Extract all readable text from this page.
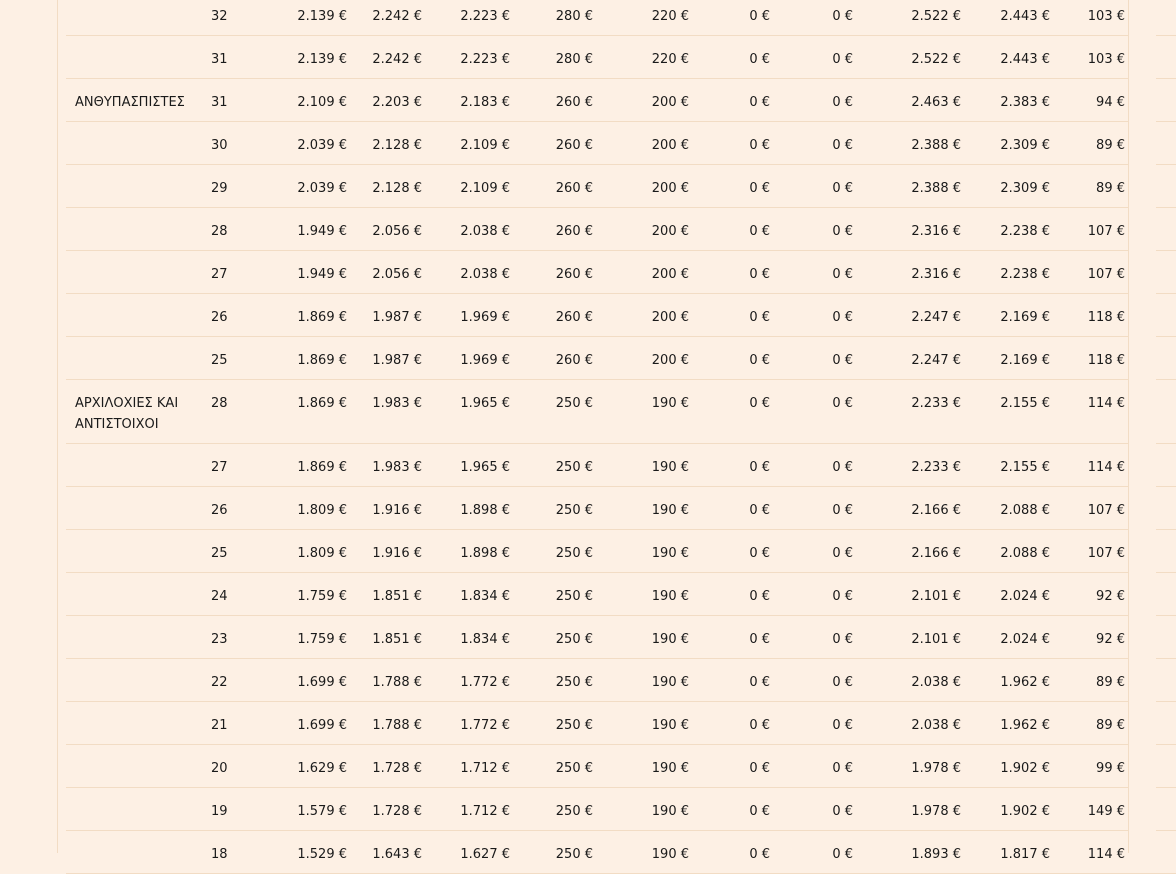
	32	2.139 €	2.242 €	2.223 €	280 €	220 €	0 €	0 €	2.522 €	2.443 €	103 €	

	31	2.139 €	2.242 €	2.223 €	280 €	220 €	0 €	0 €	2.522 €	2.443 €	103 €	

ΑΝΘΥΠΑΣΠΙΣΤΕΣ	31	2.109 €	2.203 €	2.183 €	260 €	200 €	0 €	0 €	2.463 €	2.383 €	94 €	

	30	2.039 €	2.128 €	2.109 €	260 €	200 €	0 €	0 €	2.388 €	2.309 €	89 €	

	29	2.039 €	2.128 €	2.109 €	260 €	200 €	0 €	0 €	2.388 €	2.309 €	89 €	

	28	1.949 €	2.056 €	2.038 €	260 €	200 €	0 €	0 €	2.316 €	2.238 €	107 €	

	27	1.949 €	2.056 €	2.038 €	260 €	200 €	0 €	0 €	2.316 €	2.238 €	107 €	

	26	1.869 €	1.987 €	1.969 €	260 €	200 €	0 €	0 €	2.247 €	2.169 €	118 €	

	25	1.869 €	1.987 €	1.969 €	260 €	200 €	0 €	0 €	2.247 €	2.169 €	118 €	

ΑΡΧΙΛΟΧΙΕΣ ΚΑΙ ΑΝΤΙΣΤΟΙΧΟΙ	28	1.869 €	1.983 €	1.965 €	250 €	190 €	0 €	0 €	2.233 €	2.155 €	114 €	

	27	1.869 €	1.983 €	1.965 €	250 €	190 €	0 €	0 €	2.233 €	2.155 €	114 €	

	26	1.809 €	1.916 €	1.898 €	250 €	190 €	0 €	0 €	2.166 €	2.088 €	107 €	

	25	1.809 €	1.916 €	1.898 €	250 €	190 €	0 €	0 €	2.166 €	2.088 €	107 €	

	24	1.759 €	1.851 €	1.834 €	250 €	190 €	0 €	0 €	2.101 €	2.024 €	92 €	

	23	1.759 €	1.851 €	1.834 €	250 €	190 €	0 €	0 €	2.101 €	2.024 €	92 €	

	22	1.699 €	1.788 €	1.772 €	250 €	190 €	0 €	0 €	2.038 €	1.962 €	89 €	

	21	1.699 €	1.788 €	1.772 €	250 €	190 €	0 €	0 €	2.038 €	1.962 €	89 €	

	20	1.629 €	1.728 €	1.712 €	250 €	190 €	0 €	0 €	1.978 €	1.902 €	99 €	

	19	1.579 €	1.728 €	1.712 €	250 €	190 €	0 €	0 €	1.978 €	1.902 €	149 €	

	18	1.529 €	1.643 €	1.627 €	250 €	190 €	0 €	0 €	1.893 €	1.817 €	114 €	
